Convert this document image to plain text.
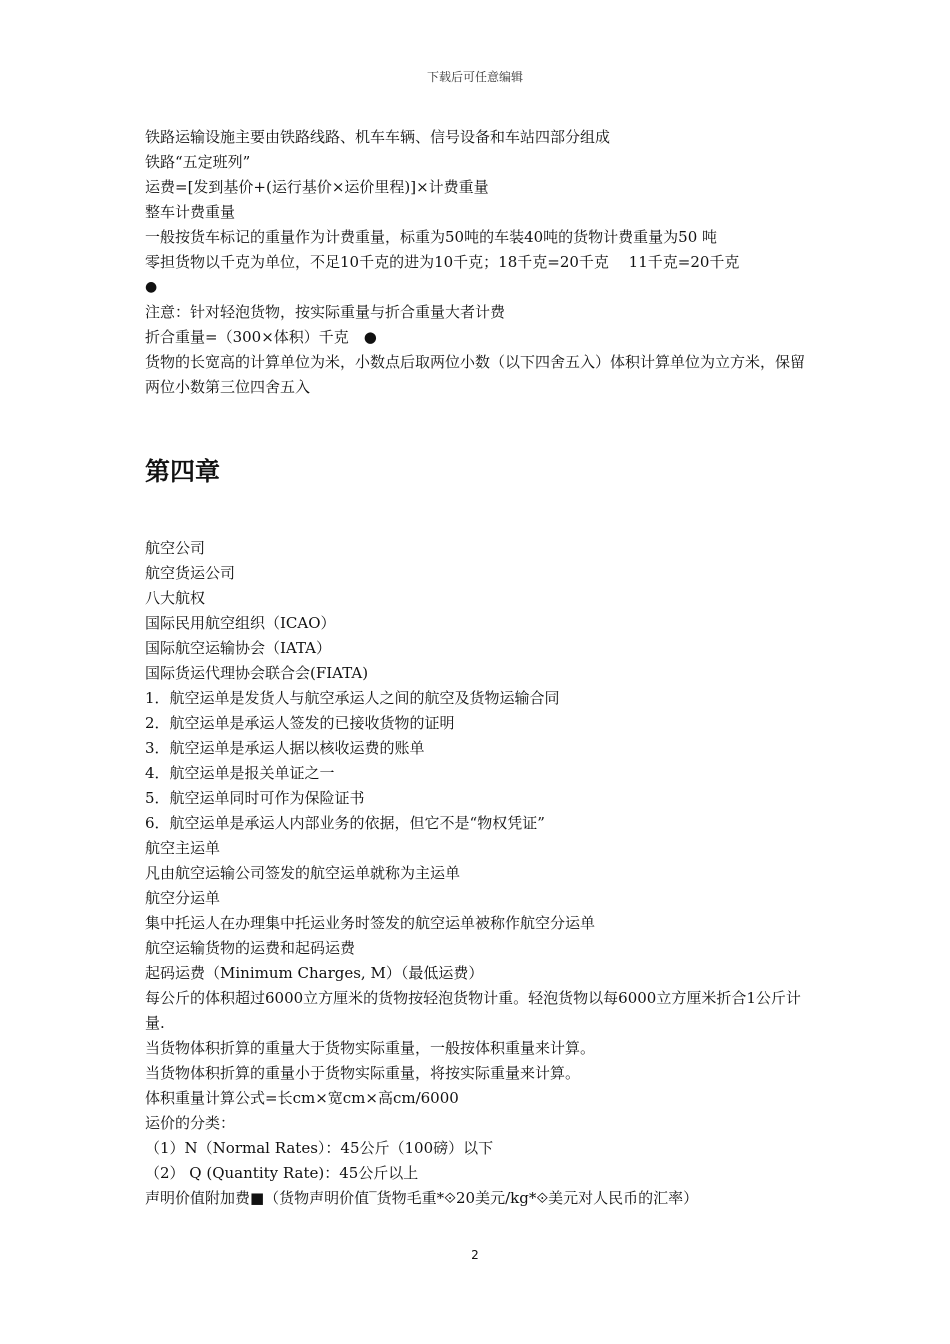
下载后可任意编辑
铁路运输设施主要由铁路线路、机车车辆、信号设备和车站四部分组成
铁路“五定班列”
运费=[发到基价+(运行基价×运价里程)]×计费重量
整车计费重量
一般按货车标记的重量作为计费重量，标重为50吨的车装40吨的货物计费重量为50 吨
零担货物以千克为单位，不足10千克的进为10千克；18千克=20千克　 11千克=20千克
●
注意：针对轻泡货物，按实际重量与折合重量大者计费
折合重量=（300×体积）千克　●
货物的长宽高的计算单位为米，小数点后取两位小数（以下四舍五入）体积计算单位为立方米，保留两位小数第三位四舍五入
第四章
航空公司
航空货运公司
八大航权
国际民用航空组织（ICAO）
国际航空运输协会（IATA）
国际货运代理协会联合会(FIATA)
1．航空运单是发货人与航空承运人之间的航空及货物运输合同
2．航空运单是承运人签发的已接收货物的证明
3．航空运单是承运人据以核收运费的账单
4．航空运单是报关单证之一
5．航空运单同时可作为保险证书
6．航空运单是承运人内部业务的依据，但它不是“物权凭证”
航空主运单
凡由航空运输公司签发的航空运单就称为主运单
航空分运单
集中托运人在办理集中托运业务时签发的航空运单被称作航空分运单
航空运输货物的运费和起码运费
起码运费（Minimum Charges, M）（最低运费）
每公斤的体积超过6000立方厘米的货物按轻泡货物计重。轻泡货物以每6000立方厘米折合1公斤计量.
当货物体积折算的重量大于货物实际重量，一般按体积重量来计算。
当货物体积折算的重量小于货物实际重量，将按实际重量来计算。
体积重量计算公式=长cm×宽cm×高cm/6000
运价的分类：
（1）N（Normal Rates）：45公斤（100磅）以下
（2） Q (Quantity Rate)：45公斤以上
声明价值附加费■（货物声明价值‾货物毛重*⟐20美元/kg*⟐美元对人民币的汇率）
2
